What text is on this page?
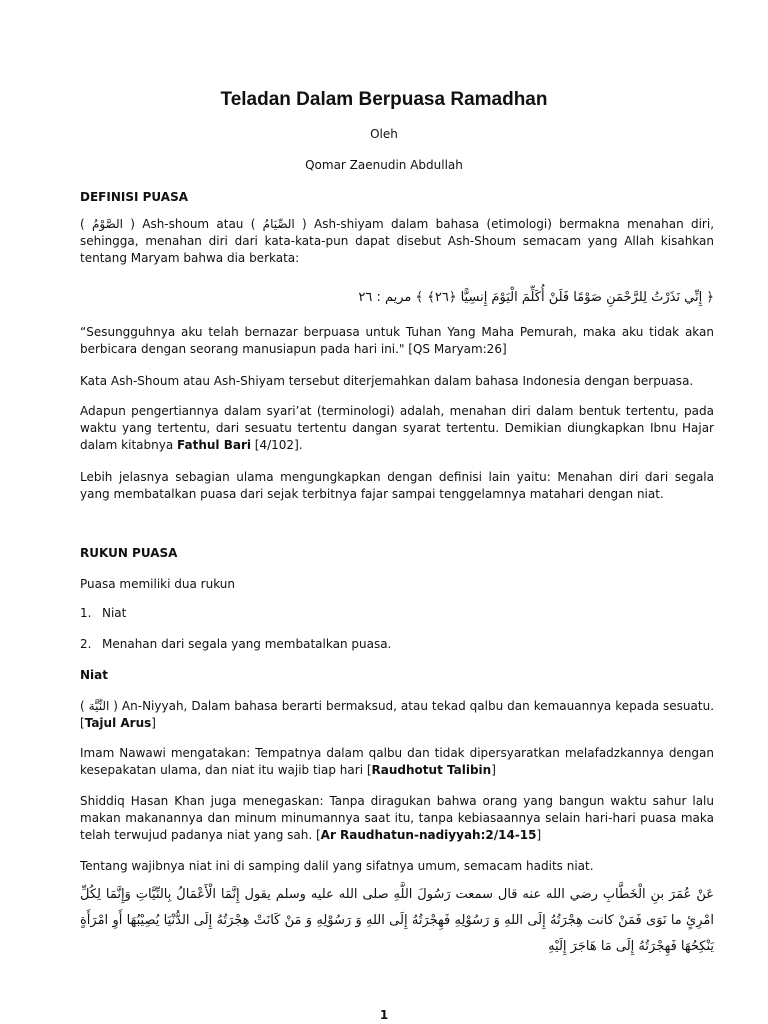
Teladan Dalam Berpuasa Ramadhan
Oleh
Qomar Zaenudin Abdullah
DEFINISI PUASA
( الصَّوْمُ ) Ash-shoum atau ( الصِّيَامُ ) Ash-shiyam dalam bahasa (etimologi) bermakna menahan diri, sehingga, menahan diri dari kata-kata-pun dapat disebut Ash-Shoum semacam yang Allah kisahkan tentang Maryam bahwa dia berkata:
﴿ إِنِّي نَذَرْتُ لِلرَّحْمَنِ صَوْمًا فَلَنْ أُكَلِّمَ الْيَوْمَ إِنسِيًّا ﴿٢٦﴾ ﴾ مريم : ٢٦
“Sesungguhnya aku telah bernazar berpuasa untuk Tuhan Yang Maha Pemurah, maka aku tidak akan berbicara dengan seorang manusiapun pada hari ini." [QS Maryam:26]
Kata Ash-Shoum atau Ash-Shiyam tersebut diterjemahkan dalam bahasa Indonesia dengan berpuasa.
Adapun pengertiannya dalam syari’at (terminologi) adalah, menahan diri dalam bentuk tertentu, pada waktu yang tertentu, dari sesuatu tertentu dangan syarat tertentu. Demikian diungkapkan Ibnu Hajar dalam kitabnya Fathul Bari [4/102].
Lebih jelasnya sebagian ulama mengungkapkan dengan definisi lain yaitu: Menahan diri dari segala yang membatalkan puasa dari sejak terbitnya fajar sampai tenggelamnya matahari dengan niat.
RUKUN PUASA
Puasa memiliki dua rukun
1. Niat
2. Menahan dari segala yang membatalkan puasa.
Niat
( النِّيَّة ) An-Niyyah, Dalam bahasa berarti bermaksud, atau tekad qalbu dan kemauannya kepada sesuatu. [Tajul Arus]
Imam Nawawi mengatakan: Tempatnya dalam qalbu dan tidak dipersyaratkan melafadzkannya dengan kesepakatan ulama, dan niat itu wajib tiap hari [Raudhotut Talibin]
Shiddiq Hasan Khan juga menegaskan: Tanpa diragukan bahwa orang yang bangun waktu sahur lalu makan makanannya dan minum minumannya saat itu, tanpa kebiasaannya selain hari-hari puasa maka telah terwujud padanya niat yang sah. [Ar Raudhatun-nadiyyah:2/14-15]
Tentang wajibnya niat ini di samping dalil yang sifatnya umum, semacam hadits niat.
عَنْ عُمَرَ بنِ الْخَطَّابِ رضي الله عنه قال سمعت رَسُولَ اللَّهِ صلى الله عليه وسلم يقول إِنَّمَا الْأَعْمَالُ بِالنِّيَّاتِ وَإِنَّمَا لِكُلِّ امْرِئٍ ما نَوَى فَمَنْ كانت هِجْرَتُهُ إِلَى اللهِ وَ رَسُوْلِهِ فَهِجْرَتُهُ إِلَى اللهِ وَ رَسُوْلِهِ وَ مَنْ كَانَتْ هِجْرَتُهُ إِلَى الدُّنْيَا يُصِيْبُهَا أَوِ امْرَأَةٍ يَنْكِحُهَا فَهِجْرَتُهُ إِلَى مَا هَاجَرَ إِلَيْهِ
1
